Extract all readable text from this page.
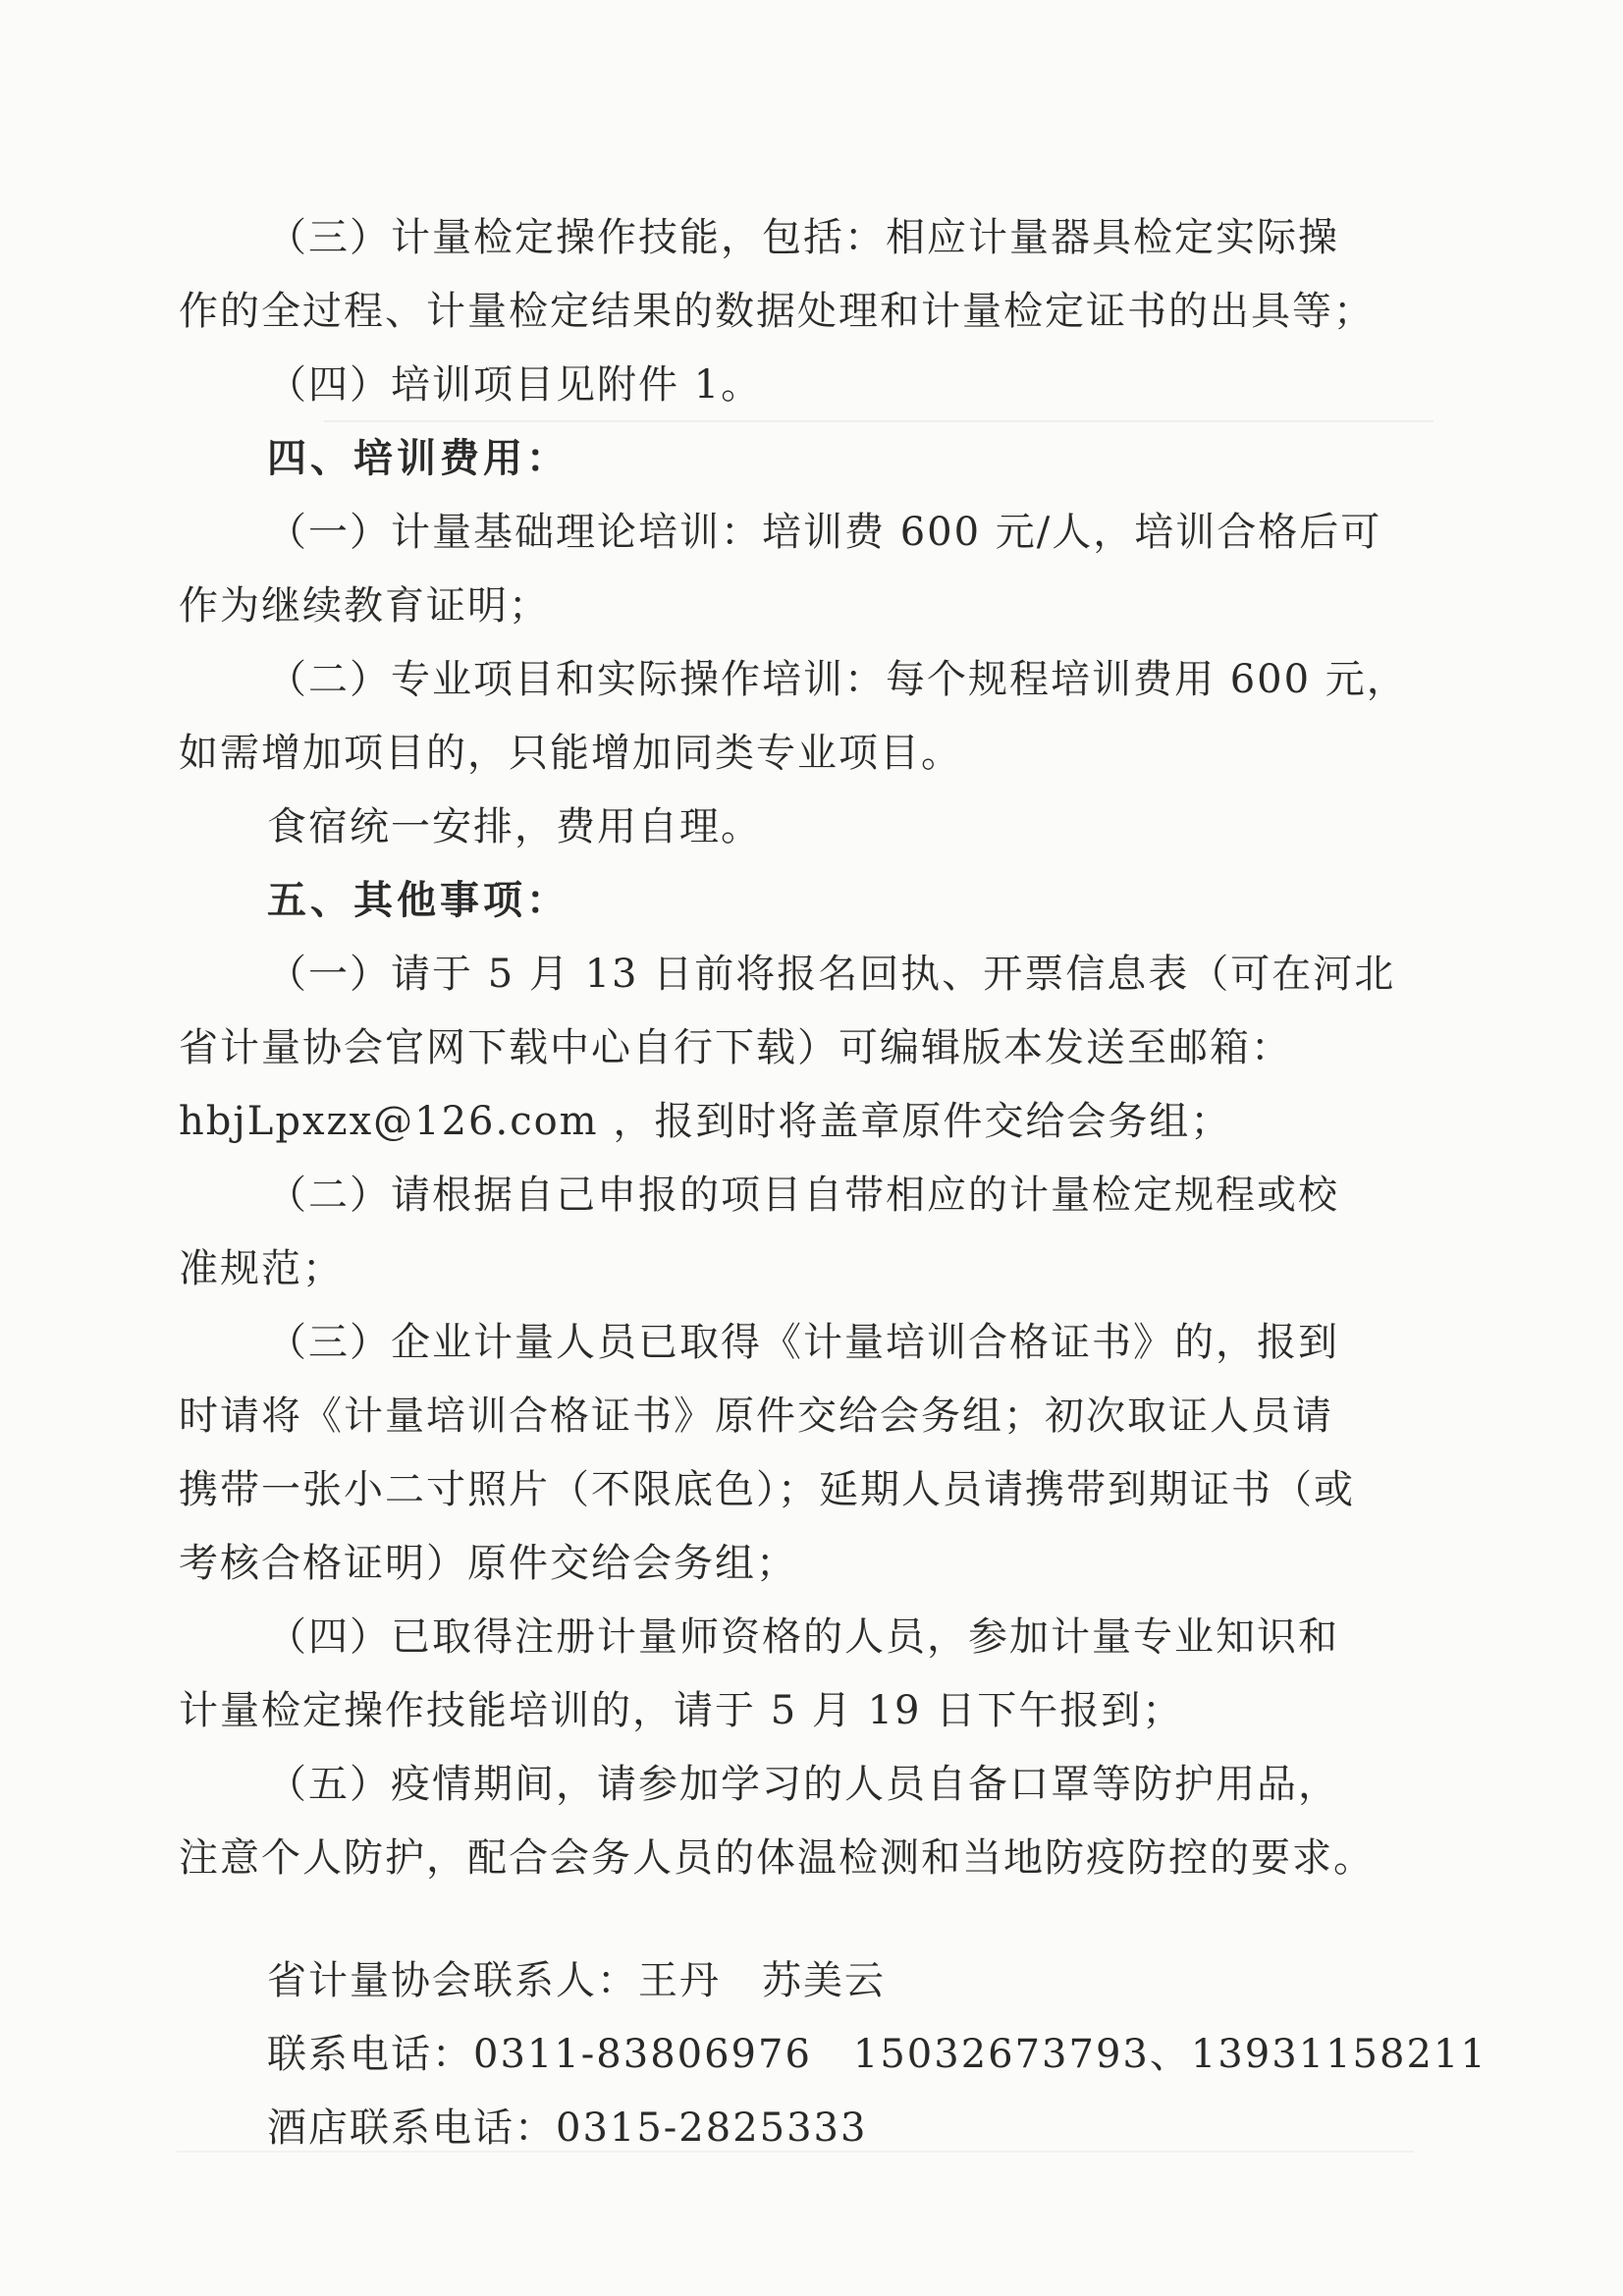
（三）计量检定操作技能，包括：相应计量器具检定实际操
作的全过程、计量检定结果的数据处理和计量检定证书的出具等；
（四）培训项目见附件 1。
四、培训费用：
（一）计量基础理论培训：培训费 600 元/人，培训合格后可
作为继续教育证明；
（二）专业项目和实际操作培训：每个规程培训费用 600 元，
如需增加项目的，只能增加同类专业项目。
食宿统一安排，费用自理。
五、其他事项：
（一）请于 5 月 13 日前将报名回执、开票信息表（可在河北
省计量协会官网下载中心自行下载）可编辑版本发送至邮箱：
hbjLpxzx@126.com ，报到时将盖章原件交给会务组；
（二）请根据自己申报的项目自带相应的计量检定规程或校
准规范；
（三）企业计量人员已取得《计量培训合格证书》的，报到
时请将《计量培训合格证书》原件交给会务组；初次取证人员请
携带一张小二寸照片（不限底色）；延期人员请携带到期证书（或
考核合格证明）原件交给会务组；
（四）已取得注册计量师资格的人员，参加计量专业知识和
计量检定操作技能培训的，请于 5 月 19 日下午报到；
（五）疫情期间，请参加学习的人员自备口罩等防护用品，
注意个人防护，配合会务人员的体温检测和当地防疫防控的要求。
省计量协会联系人：王丹　苏美云
联系电话：0311-83806976　15032673793、13931158211
酒店联系电话：0315-2825333
